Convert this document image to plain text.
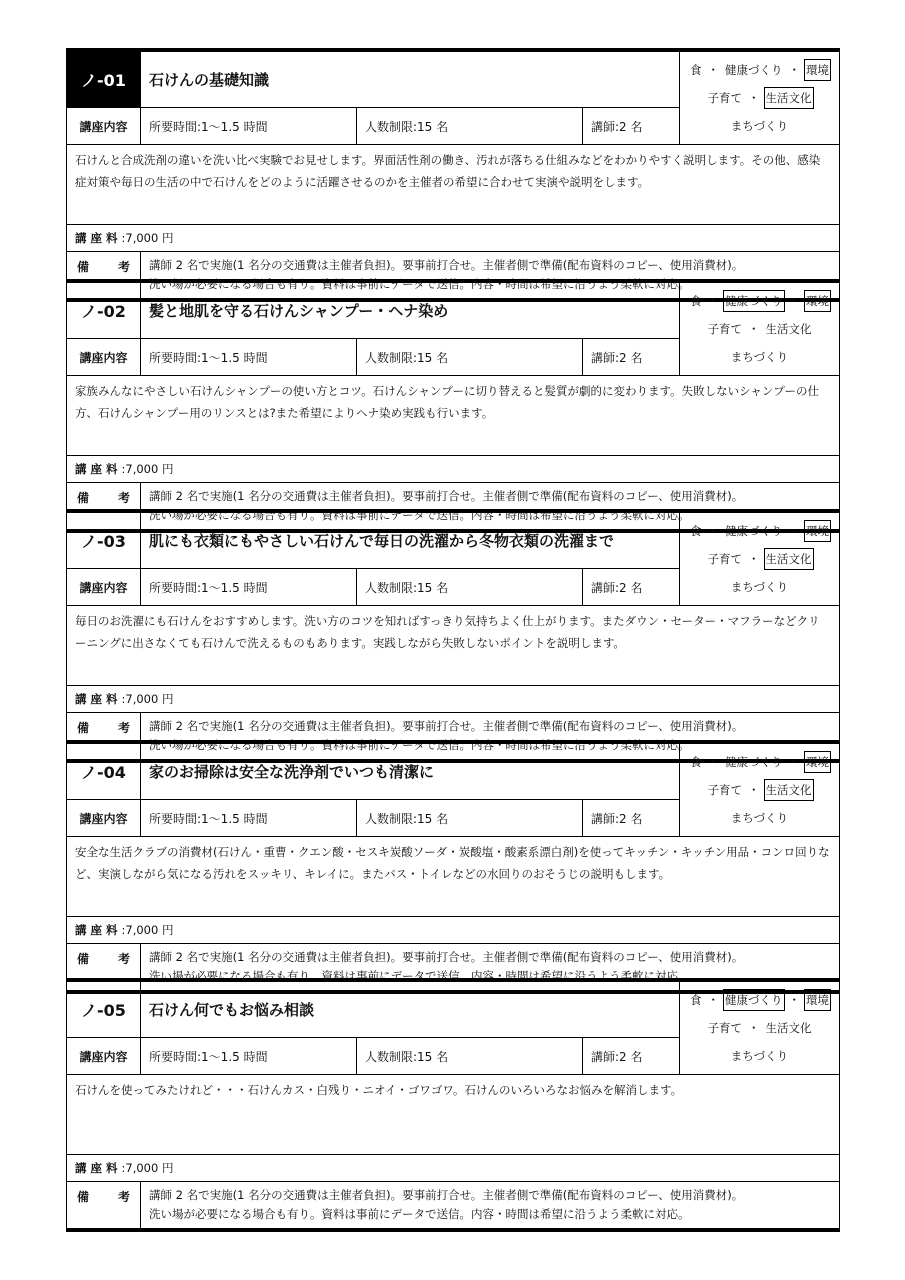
ノ-01	石けんの基礎知識
講座内容	所要時間:1〜1.5 時間	人数制限:15 名	講師:2 名
食 ・ 健康づくり ・ 環境
子育て ・ 生活文化
まちづくり
石けんと合成洗剤の違いを洗い比べ実験でお見せします。界面活性剤の働き、汚れが落ちる仕組みなどをわかりやすく説明します。その他、感染症対策や毎日の生活の中で石けんをどのように活躍させるのかを主催者の希望に合わせて実演や説明をします。
講 座 料 :7,000 円
備 考 講師 2 名で実施(1 名分の交通費は主催者負担)。要事前打合せ。主催者側で準備(配布資料のコピー、使用消費材)。
洗い場が必要になる場合も有り。資料は事前にデータで送信。内容・時間は希望に沿うよう柔軟に対応。
ノ-02	髪と地肌を守る石けんシャンプー・ヘナ染め
講座内容	所要時間:1〜1.5 時間	人数制限:15 名	講師:2 名
食 ・ 健康づくり ・ 環境
子育て ・ 生活文化
まちづくり
家族みんなにやさしい石けんシャンプーの使い方とコツ。石けんシャンプーに切り替えると髪質が劇的に変わります。失敗しないシャンプーの仕方、石けんシャンプー用のリンスとは?また希望によりヘナ染め実践も行います。
講 座 料 :7,000 円
備 考 講師 2 名で実施(1 名分の交通費は主催者負担)。要事前打合せ。主催者側で準備(配布資料のコピー、使用消費材)。
洗い場が必要になる場合も有り。資料は事前にデータで送信。内容・時間は希望に沿うよう柔軟に対応。
ノ-03	肌にも衣類にもやさしい石けんで毎日の洗濯から冬物衣類の洗濯まで
講座内容	所要時間:1〜1.5 時間	人数制限:15 名	講師:2 名
食 ・ 健康づくり ・ 環境
子育て ・ 生活文化
まちづくり
毎日のお洗濯にも石けんをおすすめします。洗い方のコツを知ればすっきり気持ちよく仕上がります。またダウン・セーター・マフラーなどクリーニングに出さなくても石けんで洗えるものもあります。実践しながら失敗しないポイントを説明します。
講 座 料 :7,000 円
備 考 講師 2 名で実施(1 名分の交通費は主催者負担)。要事前打合せ。主催者側で準備(配布資料のコピー、使用消費材)。
洗い場が必要になる場合も有り。資料は事前にデータで送信。内容・時間は希望に沿うよう柔軟に対応。
ノ-04	家のお掃除は安全な洗浄剤でいつも清潔に
講座内容	所要時間:1〜1.5 時間	人数制限:15 名	講師:2 名
食 ・ 健康づくり ・ 環境
子育て ・ 生活文化
まちづくり
安全な生活クラブの消費材(石けん・重曹・クエン酸・セスキ炭酸ソーダ・炭酸塩・酸素系漂白剤)を使ってキッチン・キッチン用品・コンロ回りなど、実演しながら気になる汚れをスッキリ、キレイに。またバス・トイレなどの水回りのおそうじの説明もします。
講 座 料 :7,000 円
備 考 講師 2 名で実施(1 名分の交通費は主催者負担)。要事前打合せ。主催者側で準備(配布資料のコピー、使用消費材)。
洗い場が必要になる場合も有り。資料は事前にデータで送信。内容・時間は希望に沿うよう柔軟に対応。
ノ-05	石けん何でもお悩み相談
講座内容	所要時間:1〜1.5 時間	人数制限:15 名	講師:2 名
食 ・ 健康づくり ・ 環境
子育て ・ 生活文化
まちづくり
石けんを使ってみたけれど・・・石けんカス・白残り・ニオイ・ゴワゴワ。石けんのいろいろなお悩みを解消します。
講 座 料 :7,000 円
備 考 講師 2 名で実施(1 名分の交通費は主催者負担)。要事前打合せ。主催者側で準備(配布資料のコピー、使用消費材)。
洗い場が必要になる場合も有り。資料は事前にデータで送信。内容・時間は希望に沿うよう柔軟に対応。
